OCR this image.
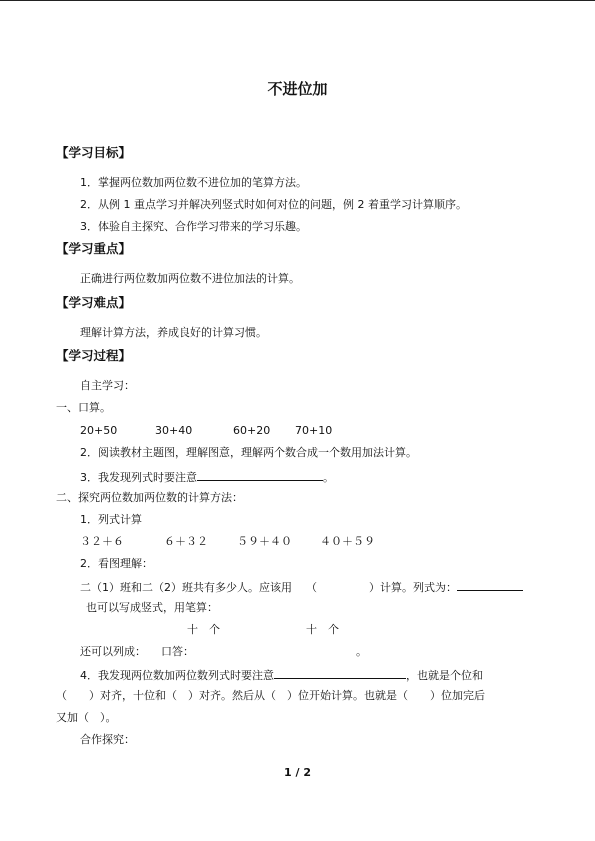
不进位加
【学习目标】
1．掌握两位数加两位数不进位加的笔算方法。
2．从例 1 重点学习并解决列竖式时如何对位的问题，例 2 着重学习计算顺序。
3．体验自主探究、合作学习带来的学习乐趣。
【学习重点】
正确进行两位数加两位数不进位加法的计算。
【学习难点】
理解计算方法，养成良好的计算习惯。
【学习过程】
自主学习：
一、口算。
20+50	30+40	60+20 70+10
2．阅读教材主题图，理解图意，理解两个数合成一个数用加法计算。
3．我发现列式时要注意	。
二、探究两位数加两位数的计算方法：
1．列式计算
３２＋６	６＋３２	５９＋４０	４０＋５９
2．看图理解：
二（1）班和二（2）班共有多少人。应该用 （	）计算。列式为：
也可以写成竖式，用笔算：
十　个	十　个
还可以列成： 口答：	。
4．我发现两位数加两位数列式时要注意	，也就是个位和
（　　）对齐，十位和（　）对齐。然后从（　）位开始计算。也就是（　　）位加完后
又加（　）。
合作探究：
1 / 2
